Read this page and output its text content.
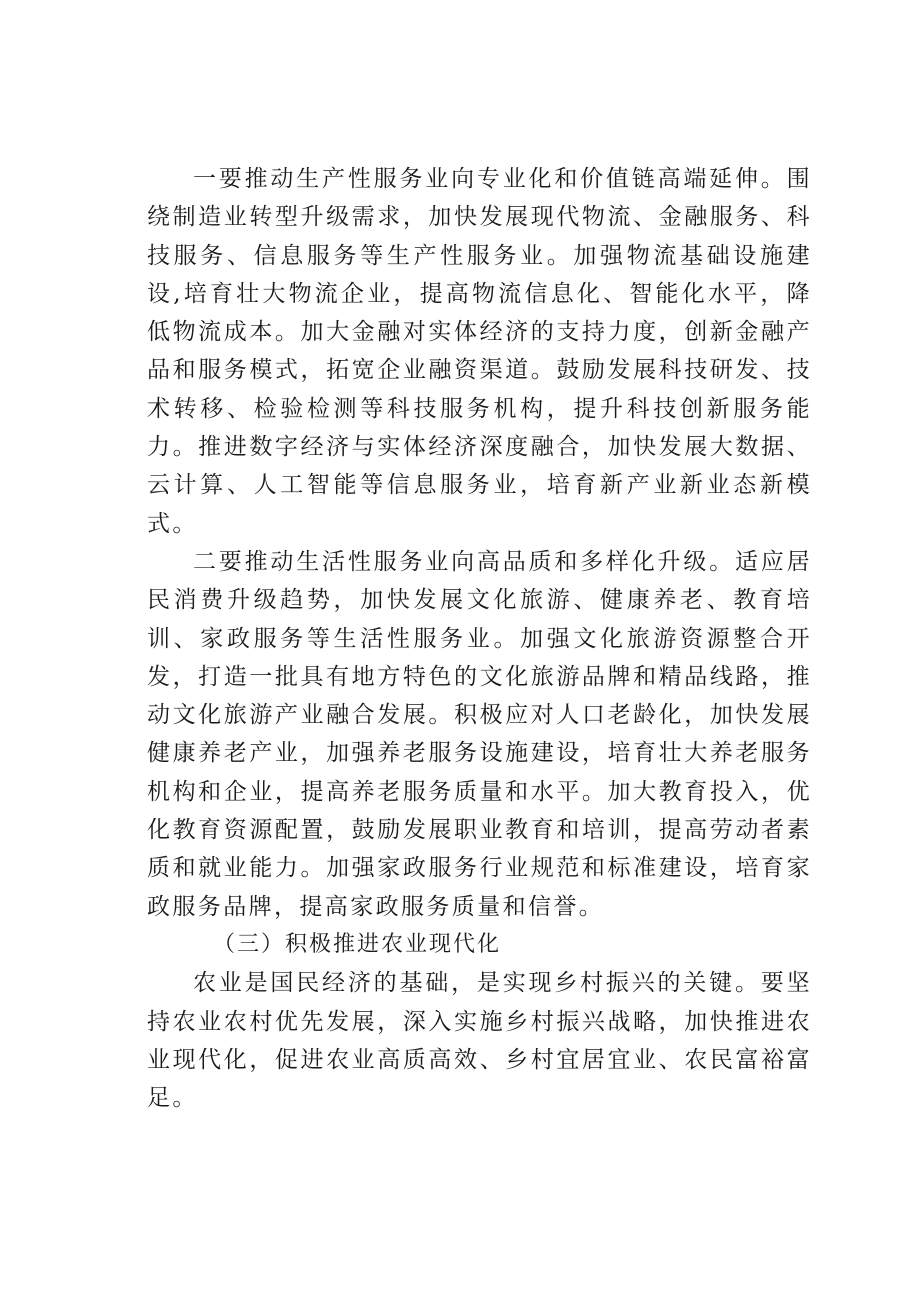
一要推动生产性服务业向专业化和价值链高端延伸。围绕制造业转型升级需求，加快发展现代物流、金融服务、科技服务、信息服务等生产性服务业。加强物流基础设施建设,培育壮大物流企业，提高物流信息化、智能化水平，降低物流成本。加大金融对实体经济的支持力度，创新金融产品和服务模式，拓宽企业融资渠道。鼓励发展科技研发、技术转移、检验检测等科技服务机构，提升科技创新服务能力。推进数字经济与实体经济深度融合，加快发展大数据、云计算、人工智能等信息服务业，培育新产业新业态新模式。

二要推动生活性服务业向高品质和多样化升级。适应居民消费升级趋势，加快发展文化旅游、健康养老、教育培训、家政服务等生活性服务业。加强文化旅游资源整合开发，打造一批具有地方特色的文化旅游品牌和精品线路，推动文化旅游产业融合发展。积极应对人口老龄化，加快发展健康养老产业，加强养老服务设施建设，培育壮大养老服务机构和企业，提高养老服务质量和水平。加大教育投入，优化教育资源配置，鼓励发展职业教育和培训，提高劳动者素质和就业能力。加强家政服务行业规范和标准建设，培育家政服务品牌，提高家政服务质量和信誉。

（三）积极推进农业现代化

农业是国民经济的基础，是实现乡村振兴的关键。要坚持农业农村优先发展，深入实施乡村振兴战略，加快推进农业现代化，促进农业高质高效、乡村宜居宜业、农民富裕富足。
